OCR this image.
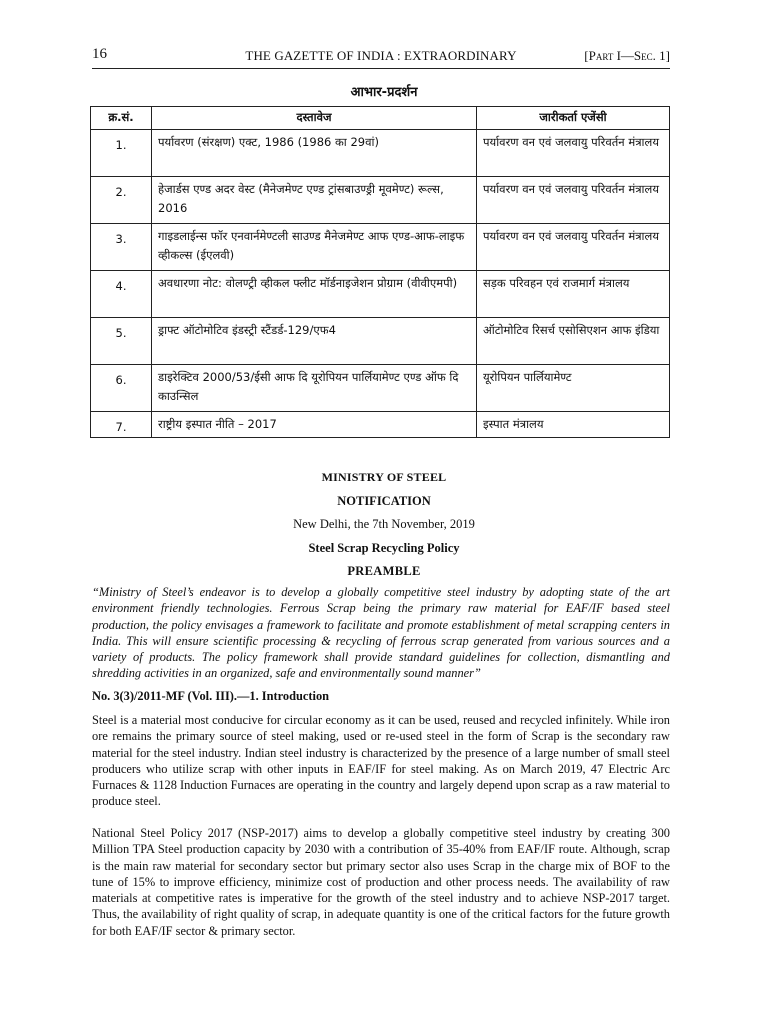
16	THE GAZETTE OF INDIA : EXTRAORDINARY	[Part I—Sec. 1]
आभार-प्रदर्शन
क्र.सं.	दस्तावेज	जारीकर्ता एजेंसी
1.	पर्यावरण (संरक्षण) एक्ट, 1986 (1986 का 29वां)	पर्यावरण वन एवं जलवायु परिवर्तन मंत्रालय
2.	हेजार्डस एण्ड अदर वेस्ट (मैनेजमेण्ट एण्ड ट्रांसबाउण्ड्री मूवमेण्ट) रूल्स, 2016	पर्यावरण वन एवं जलवायु परिवर्तन मंत्रालय
3.	गाइडलाईन्स फॉर एनवार्नमेण्टली साउण्ड मैनेजमेण्ट आफ एण्ड-आफ-लाइफ व्हीकल्स (ईएलवी)	पर्यावरण वन एवं जलवायु परिवर्तन मंत्रालय
4.	अवधारणा नोट: वोलण्ट्री व्हीकल फ्लीट मॉर्डनाइजेशन प्रोग्राम (वीवीएमपी)	सड़क परिवहन एवं राजमार्ग मंत्रालय
5.	ड्राफ्ट ऑटोमोटिव इंडस्ट्री स्टैंडर्ड-129/एफ4	ऑटोमोटिव रिसर्च एसोसिएशन आफ इंडिया
6.	डाइरेक्टिव 2000/53/ईसी आफ दि यूरोपियन पार्लियामेण्ट एण्ड ऑफ दि काउन्सिल	यूरोपियन पार्लियामेण्ट
7.	राष्ट्रीय इस्पात नीति – 2017	इस्पात मंत्रालय
MINISTRY OF STEEL
NOTIFICATION
New Delhi, the 7th November, 2019
Steel Scrap Recycling Policy
PREAMBLE
“Ministry of Steel’s endeavor is to develop a globally competitive steel industry by adopting state of the art environment friendly technologies. Ferrous Scrap being the primary raw material for EAF/IF based steel production, the policy envisages a framework to facilitate and promote establishment of metal scrapping centers in India. This will ensure scientific processing & recycling of ferrous scrap generated from various sources and a variety of products. The policy framework shall provide standard guidelines for collection, dismantling and shredding activities in an organized, safe and environmentally sound manner”
No. 3(3)/2011-MF (Vol. III).—1. Introduction
Steel is a material most conducive for circular economy as it can be used, reused and recycled infinitely. While iron ore remains the primary source of steel making, used or re-used steel in the form of Scrap is the secondary raw material for the steel industry. Indian steel industry is characterized by the presence of a large number of small steel producers who utilize scrap with other inputs in EAF/IF for steel making. As on March 2019, 47 Electric Arc Furnaces & 1128 Induction Furnaces are operating in the country and largely depend upon scrap as a raw material to produce steel.
National Steel Policy 2017 (NSP-2017) aims to develop a globally competitive steel industry by creating 300 Million TPA Steel production capacity by 2030 with a contribution of 35-40% from EAF/IF route. Although, scrap is the main raw material for secondary sector but primary sector also uses Scrap in the charge mix of BOF to the tune of 15% to improve efficiency, minimize cost of production and other process needs. The availability of raw materials at competitive rates is imperative for the growth of the steel industry and to achieve NSP-2017 target. Thus, the availability of right quality of scrap, in adequate quantity is one of the critical factors for the future growth for both EAF/IF sector & primary sector.
